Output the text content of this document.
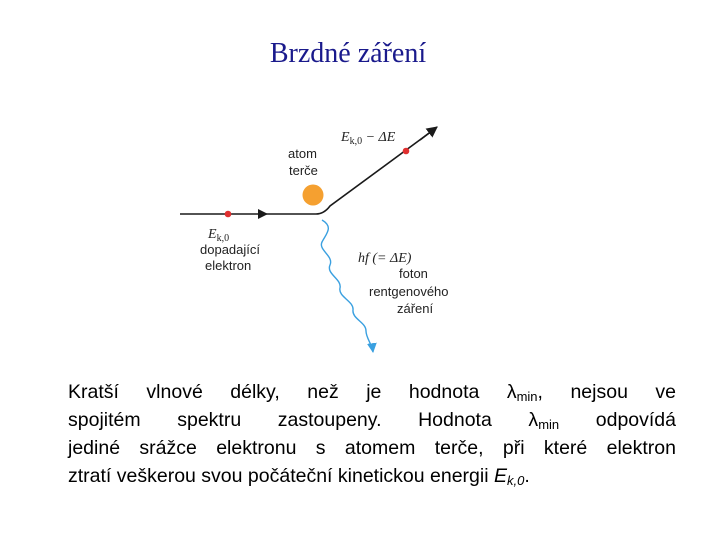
Brzdné záření
atom terče
Ek,0
dopadající elektron
Ek,0 − ΔE
hf (= ΔE)
foton rentgenového záření
Kratší vlnové délky, než je hodnota $\lambda_{min}$, nejsou ve
spojitém spektru zastoupeny. Hodnota $\lambda_{min}$ odpovídá
jediné srážce elektronu s atomem terče, při které elektron
ztratí veškerou svou počáteční kinetickou energii $E_{k,0}$.
